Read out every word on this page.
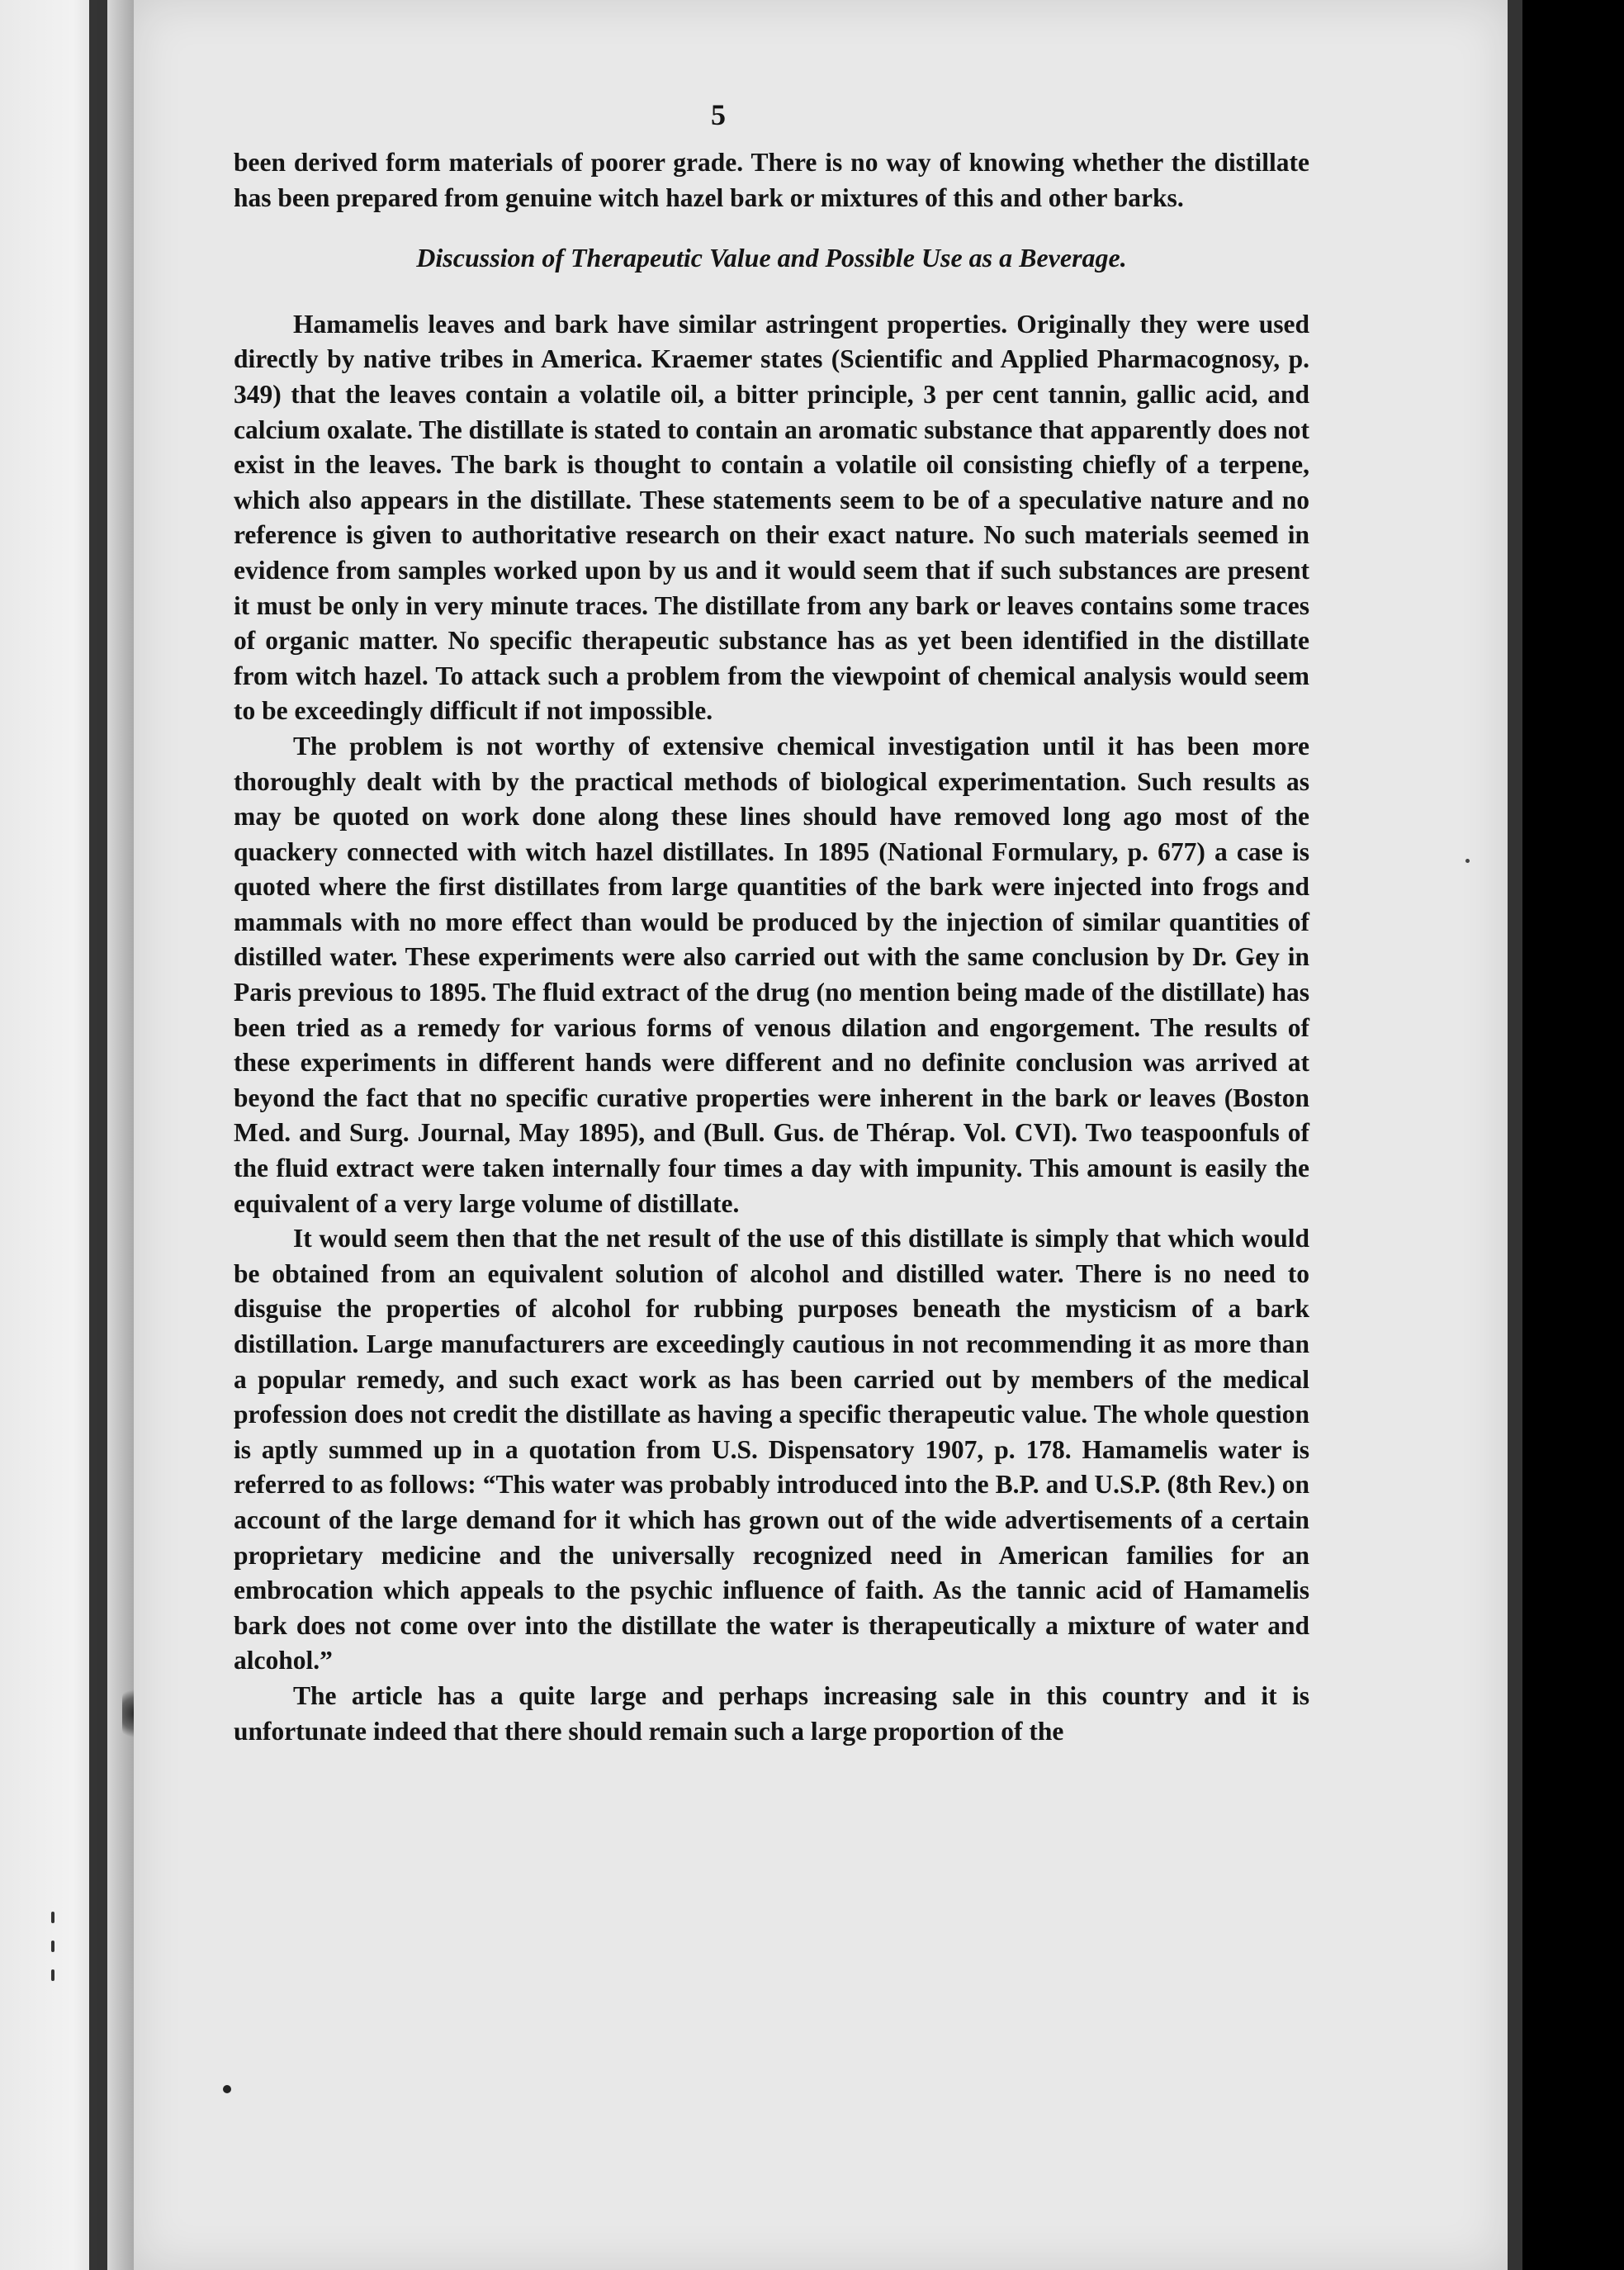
5

been derived form materials of poorer grade. There is no way of knowing whether the distillate has been prepared from genuine witch hazel bark or mixtures of this and other barks.

Discussion of Therapeutic Value and Possible Use as a Beverage.

Hamamelis leaves and bark have similar astringent properties. Originally they were used directly by native tribes in America. Kraemer states (Scientific and Applied Pharmacognosy, p. 349) that the leaves contain a volatile oil, a bitter principle, 3 per cent tannin, gallic acid, and calcium oxalate. The distillate is stated to contain an aromatic substance that apparently does not exist in the leaves. The bark is thought to contain a volatile oil consisting chiefly of a terpene, which also appears in the distillate. These statements seem to be of a speculative nature and no reference is given to authoritative research on their exact nature. No such materials seemed in evidence from samples worked upon by us and it would seem that if such substances are present it must be only in very minute traces. The distillate from any bark or leaves contains some traces of organic matter. No specific therapeutic substance has as yet been identified in the distillate from witch hazel. To attack such a problem from the viewpoint of chemical analysis would seem to be exceedingly difficult if not impossible.

The problem is not worthy of extensive chemical investigation until it has been more thoroughly dealt with by the practical methods of biological experimentation. Such results as may be quoted on work done along these lines should have removed long ago most of the quackery connected with witch hazel distillates. In 1895 (National Formulary, p. 677) a case is quoted where the first distillates from large quantities of the bark were injected into frogs and mammals with no more effect than would be produced by the injection of similar quantities of distilled water. These experiments were also carried out with the same conclusion by Dr. Gey in Paris previous to 1895. The fluid extract of the drug (no mention being made of the distillate) has been tried as a remedy for various forms of venous dilation and engorgement. The results of these experiments in different hands were different and no definite conclusion was arrived at beyond the fact that no specific curative properties were inherent in the bark or leaves (Boston Med. and Surg. Journal, May 1895), and (Bull. Gus. de Thérap. Vol. CVI). Two teaspoonfuls of the fluid extract were taken internally four times a day with impunity. This amount is easily the equivalent of a very large volume of distillate.

It would seem then that the net result of the use of this distillate is simply that which would be obtained from an equivalent solution of alcohol and distilled water. There is no need to disguise the properties of alcohol for rubbing purposes beneath the mysticism of a bark distillation. Large manufacturers are exceedingly cautious in not recommending it as more than a popular remedy, and such exact work as has been carried out by members of the medical profession does not credit the distillate as having a specific therapeutic value. The whole question is aptly summed up in a quotation from U.S. Dispensatory 1907, p. 178. Hamamelis water is referred to as follows: “This water was probably introduced into the B.P. and U.S.P. (8th Rev.) on account of the large demand for it which has grown out of the wide advertisements of a certain proprietary medicine and the universally recognized need in American families for an embrocation which appeals to the psychic influence of faith. As the tannic acid of Hamamelis bark does not come over into the distillate the water is therapeutically a mixture of water and alcohol.”

The article has a quite large and perhaps increasing sale in this country and it is unfortunate indeed that there should remain such a large proportion of the
